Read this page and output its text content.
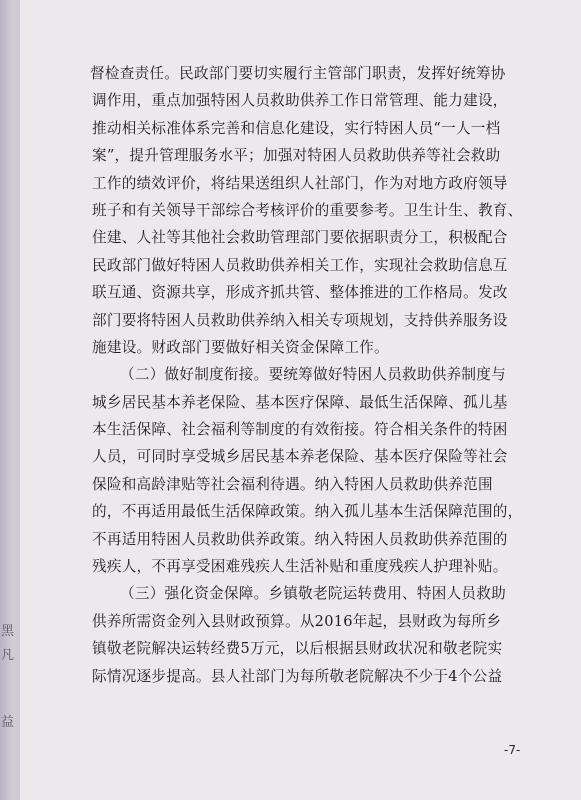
黑
凡
益
督检查责任。民政部门要切实履行主管部门职责，发挥好统筹协
调作用，重点加强特困人员救助供养工作日常管理、能力建设，
推动相关标准体系完善和信息化建设，实行特困人员“一人一档
案”，提升管理服务水平；加强对特困人员救助供养等社会救助
工作的绩效评价，将结果送组织人社部门，作为对地方政府领导
班子和有关领导干部综合考核评价的重要参考。卫生计生、教育、
住建、人社等其他社会救助管理部门要依据职责分工，积极配合
民政部门做好特困人员救助供养相关工作，实现社会救助信息互
联互通、资源共享，形成齐抓共管、整体推进的工作格局。发改
部门要将特困人员救助供养纳入相关专项规划，支持供养服务设
施建设。财政部门要做好相关资金保障工作。
（二）做好制度衔接。要统筹做好特困人员救助供养制度与
城乡居民基本养老保险、基本医疗保障、最低生活保障、孤儿基
本生活保障、社会福利等制度的有效衔接。符合相关条件的特困
人员，可同时享受城乡居民基本养老保险、基本医疗保险等社会
保险和高龄津贴等社会福利待遇。纳入特困人员救助供养范围
的，不再适用最低生活保障政策。纳入孤儿基本生活保障范围的，
不再适用特困人员救助供养政策。纳入特困人员救助供养范围的
残疾人，不再享受困难残疾人生活补贴和重度残疾人护理补贴。
（三）强化资金保障。乡镇敬老院运转费用、特困人员救助
供养所需资金列入县财政预算。从2016年起，县财政为每所乡
镇敬老院解决运转经费5万元，以后根据县财政状况和敬老院实
际情况逐步提高。县人社部门为每所敬老院解决不少于4个公益
-7-
